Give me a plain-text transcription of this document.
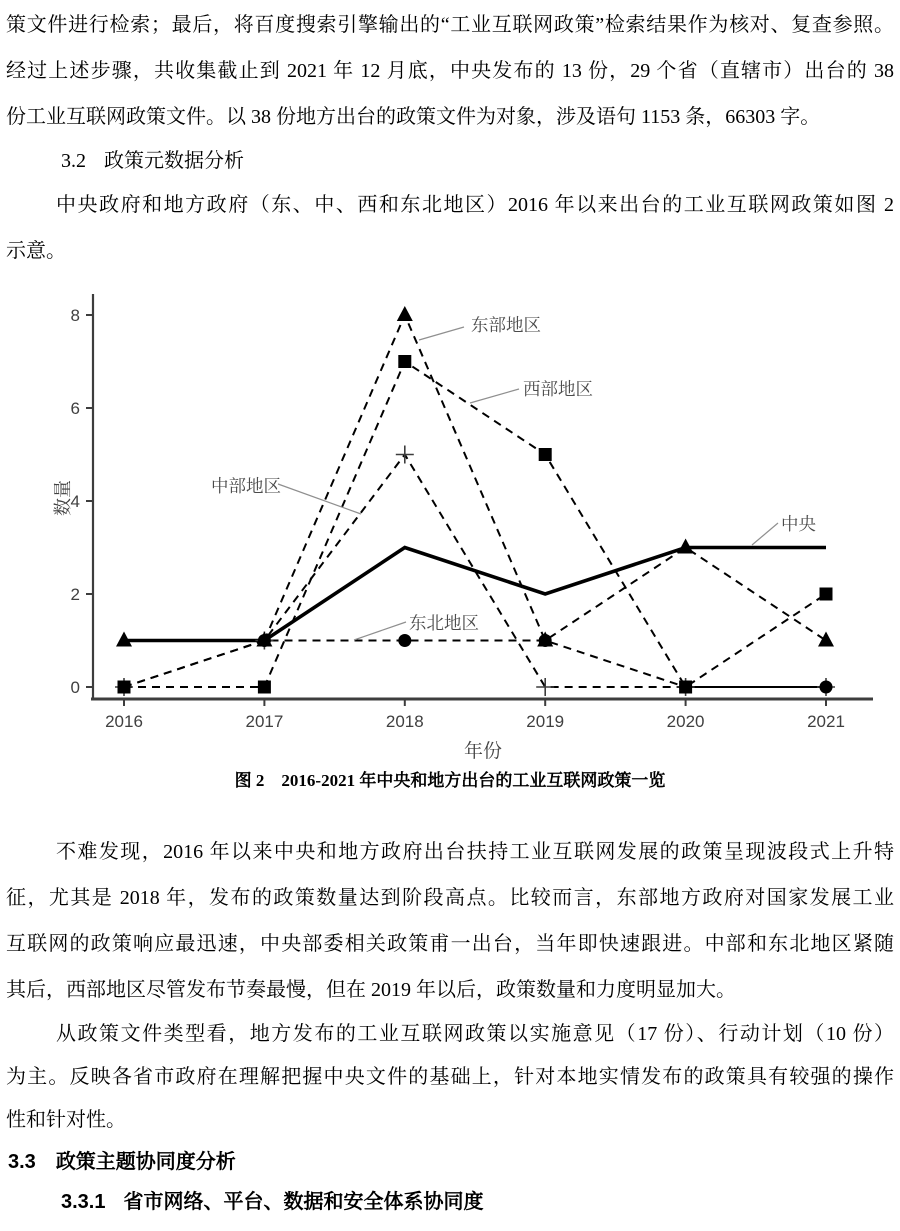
策文件进行检索；最后，将百度搜索引擎输出的“工业互联网政策”检索结果作为核对、复查参照。
经过上述步骤，共收集截止到 2021 年 12 月底，中央发布的 13 份，29 个省（直辖市）出台的 38
份工业互联网政策文件。以 38 份地方出台的政策文件为对象，涉及语句 1153 条，66303 字。
3.2 政策元数据分析
中央政府和地方政府（东、中、西和东北地区）2016 年以来出台的工业互联网政策如图 2
示意。
0
2
4
6
8
2016	2017	2018	2019	2020	2021
年份
数量
东部地区
西部地区
中部地区
东北地区
中央
图 2　2016-2021 年中央和地方出台的工业互联网政策一览
不难发现，2016 年以来中央和地方政府出台扶持工业互联网发展的政策呈现波段式上升特
征，尤其是 2018 年，发布的政策数量达到阶段高点。比较而言，东部地方政府对国家发展工业
互联网的政策响应最迅速，中央部委相关政策甫一出台，当年即快速跟进。中部和东北地区紧随
其后，西部地区尽管发布节奏最慢，但在 2019 年以后，政策数量和力度明显加大。
从政策文件类型看，地方发布的工业互联网政策以实施意见（17 份）、行动计划（10 份）
为主。反映各省市政府在理解把握中央文件的基础上，针对本地实情发布的政策具有较强的操作
性和针对性。
3.3 政策主题协同度分析
3.3.1 省市网络、平台、数据和安全体系协同度
